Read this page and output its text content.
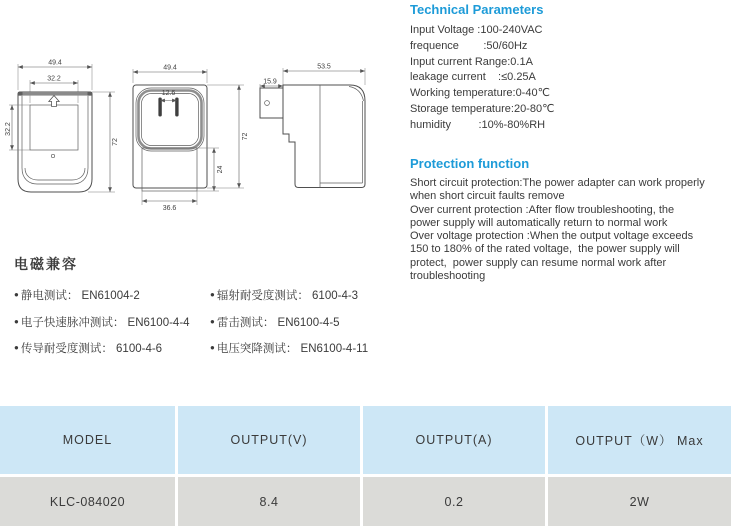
49.4
32.2
32.2
72
49.4
12.6
24
36.6
72
53.5
15.9
Technical Parameters
Input Voltage :100-240VAC
frequence        :50/60Hz
Input current Range:0.1A
leakage current    :≤0.25A
Working temperature:0-40℃
Storage temperature:20-80℃
humidity         :10%-80%RH
Protection function
Short circuit protection:The power adapter can work properly
when short circuit faults remove
Over current protection :After flow troubleshooting, the
power supply will automatically return to normal work
Over voltage protection :When the output voltage exceeds
150 to 180% of the rated voltage,  the power supply will
protect,  power supply can resume normal work after
troubleshooting
电磁兼容
● 静电测试： EN61004-2
● 电子快速脉冲测试： EN6100-4-4
● 传导耐受度测试： 6100-4-6
● 辐射耐受度测试： 6100-4-3
● 雷击测试： EN6100-4-5
● 电压突降测试： EN6100-4-11
MODEL	OUTPUT(V)	OUTPUT(A)	OUTPUT（W） Max
KLC-084020	8.4	0.2	2W
